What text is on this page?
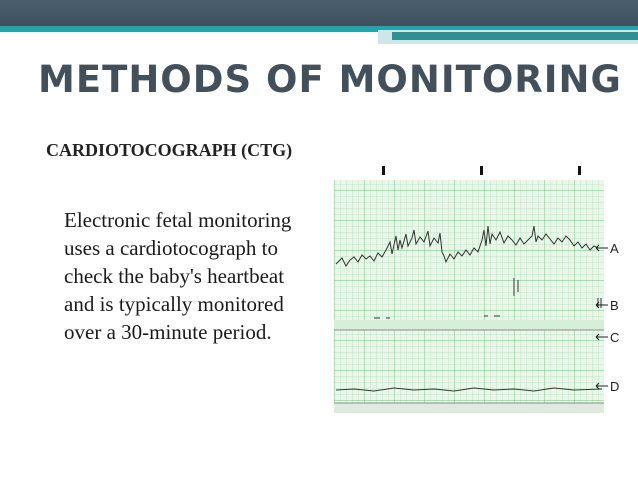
METHODS OF MONITORING
CARDIOTOCOGRAPH (CTG)
Electronic fetal monitoring uses a cardiotocograph to check the baby's heartbeat and is typically monitored over a 30-minute period.
A
B
C
D
